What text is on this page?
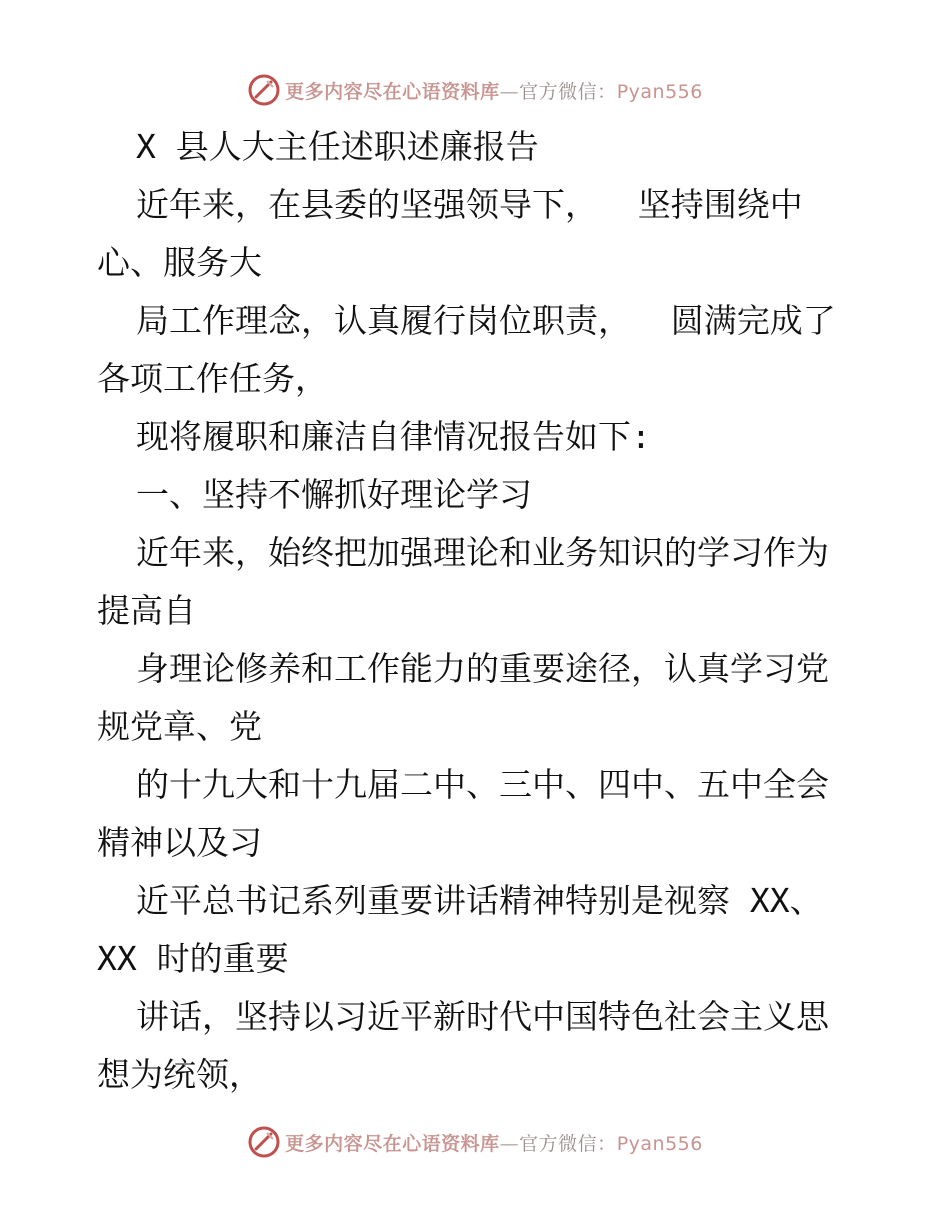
更多内容尽在心语资料库—官方微信：Pyan556
X 县人大主任述职述廉报告
近年来，在县委的坚强领导下，  坚持围绕中
心、服务大
局工作理念，认真履行岗位职责，  圆满完成了
各项工作任务，
现将履职和廉洁自律情况报告如下:
一、坚持不懈抓好理论学习
近年来，始终把加强理论和业务知识的学习作为
提高自
身理论修养和工作能力的重要途径，认真学习党
规党章、党
的十九大和十九届二中、三中、四中、五中全会
精神以及习
近平总书记系列重要讲话精神特别是视察 XX、
XX 时的重要
讲话，坚持以习近平新时代中国特色社会主义思
想为统领，
更多内容尽在心语资料库—官方微信：Pyan556
